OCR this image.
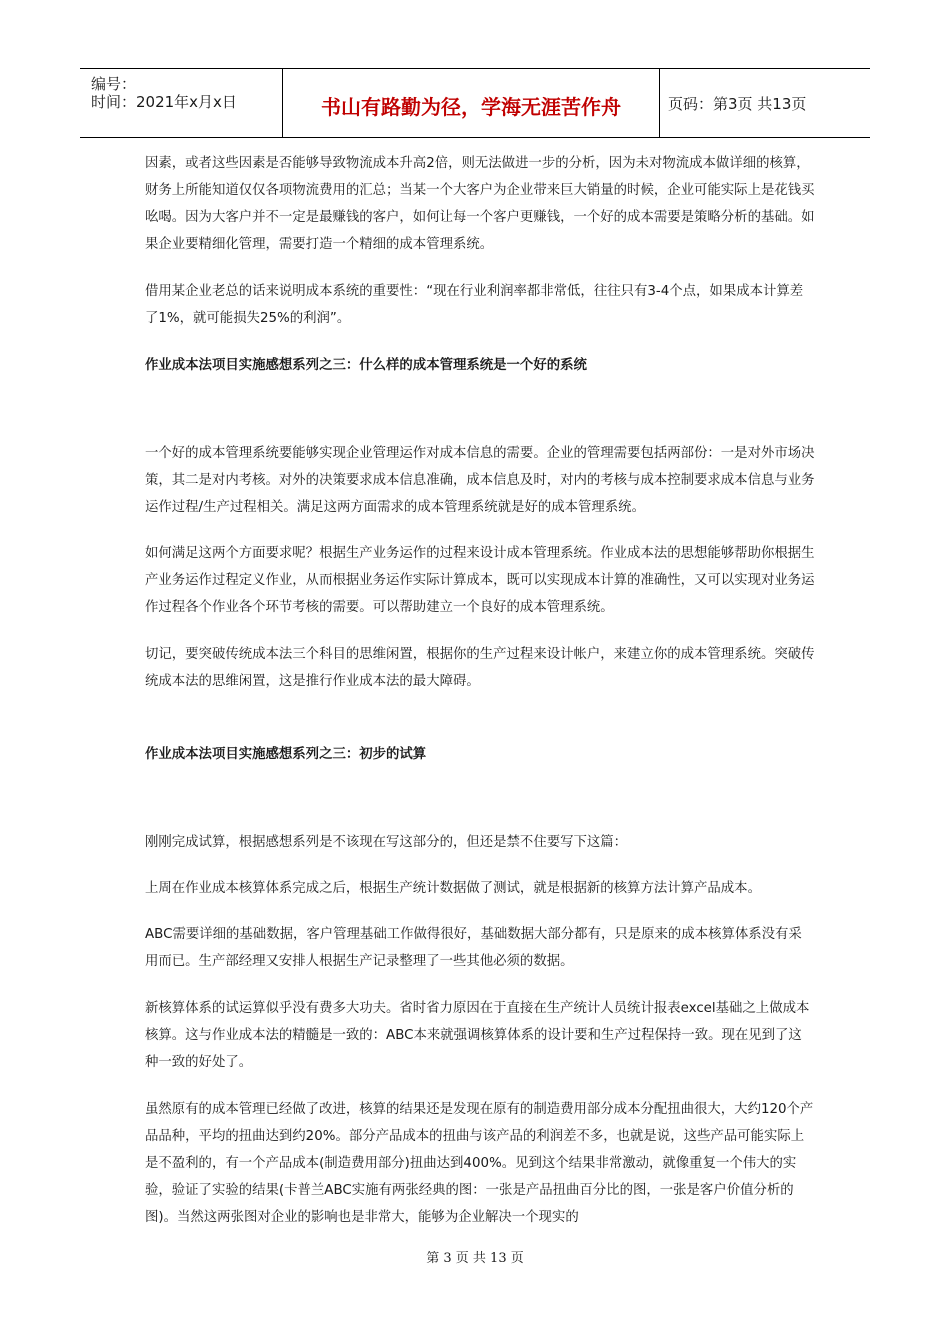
编号：
时间：2021年x月x日	书山有路勤为径，学海无涯苦作舟	页码：第3页 共13页

因素，或者这些因素是否能够导致物流成本升高2倍，则无法做进一步的分析，因为未对物流成本做详细的核算，财务上所能知道仅仅各项物流费用的汇总；当某一个大客户为企业带来巨大销量的时候，企业可能实际上是花钱买吆喝。因为大客户并不一定是最赚钱的客户，如何让每一个客户更赚钱，一个好的成本需要是策略分析的基础。如果企业要精细化管理，需要打造一个精细的成本管理系统。

借用某企业老总的话来说明成本系统的重要性：“现在行业利润率都非常低，往往只有3-4个点，如果成本计算差了1%，就可能损失25%的利润”。

作业成本法项目实施感想系列之三：什么样的成本管理系统是一个好的系统

一个好的成本管理系统要能够实现企业管理运作对成本信息的需要。企业的管理需要包括两部份：一是对外市场决策，其二是对内考核。对外的决策要求成本信息准确，成本信息及时，对内的考核与成本控制要求成本信息与业务运作过程/生产过程相关。满足这两方面需求的成本管理系统就是好的成本管理系统。

如何满足这两个方面要求呢？根据生产业务运作的过程来设计成本管理系统。作业成本法的思想能够帮助你根据生产业务运作过程定义作业，从而根据业务运作实际计算成本，既可以实现成本计算的准确性，又可以实现对业务运作过程各个作业各个环节考核的需要。可以帮助建立一个良好的成本管理系统。

切记，要突破传统成本法三个科目的思维闲置，根据你的生产过程来设计帐户，来建立你的成本管理系统。突破传统成本法的思维闲置，这是推行作业成本法的最大障碍。

作业成本法项目实施感想系列之三：初步的试算

刚刚完成试算，根据感想系列是不该现在写这部分的，但还是禁不住要写下这篇：

上周在作业成本核算体系完成之后，根据生产统计数据做了测试，就是根据新的核算方法计算产品成本。

ABC需要详细的基础数据，客户管理基础工作做得很好，基础数据大部分都有，只是原来的成本核算体系没有采用而已。生产部经理又安排人根据生产记录整理了一些其他必须的数据。

新核算体系的试运算似乎没有费多大功夫。省时省力原因在于直接在生产统计人员统计报表excel基础之上做成本核算。这与作业成本法的精髓是一致的：ABC本来就强调核算体系的设计要和生产过程保持一致。现在见到了这种一致的好处了。

虽然原有的成本管理已经做了改进，核算的结果还是发现在原有的制造费用部分成本分配扭曲很大，大约120个产品品种，平均的扭曲达到约20%。部分产品成本的扭曲与该产品的利润差不多，也就是说，这些产品可能实际上是不盈利的，有一个产品成本(制造费用部分)扭曲达到400%。见到这个结果非常激动，就像重复一个伟大的实验，验证了实验的结果(卡普兰ABC实施有两张经典的图：一张是产品扭曲百分比的图，一张是客户价值分析的图)。当然这两张图对企业的影响也是非常大，能够为企业解决一个现实的

第 3 页 共 13 页
